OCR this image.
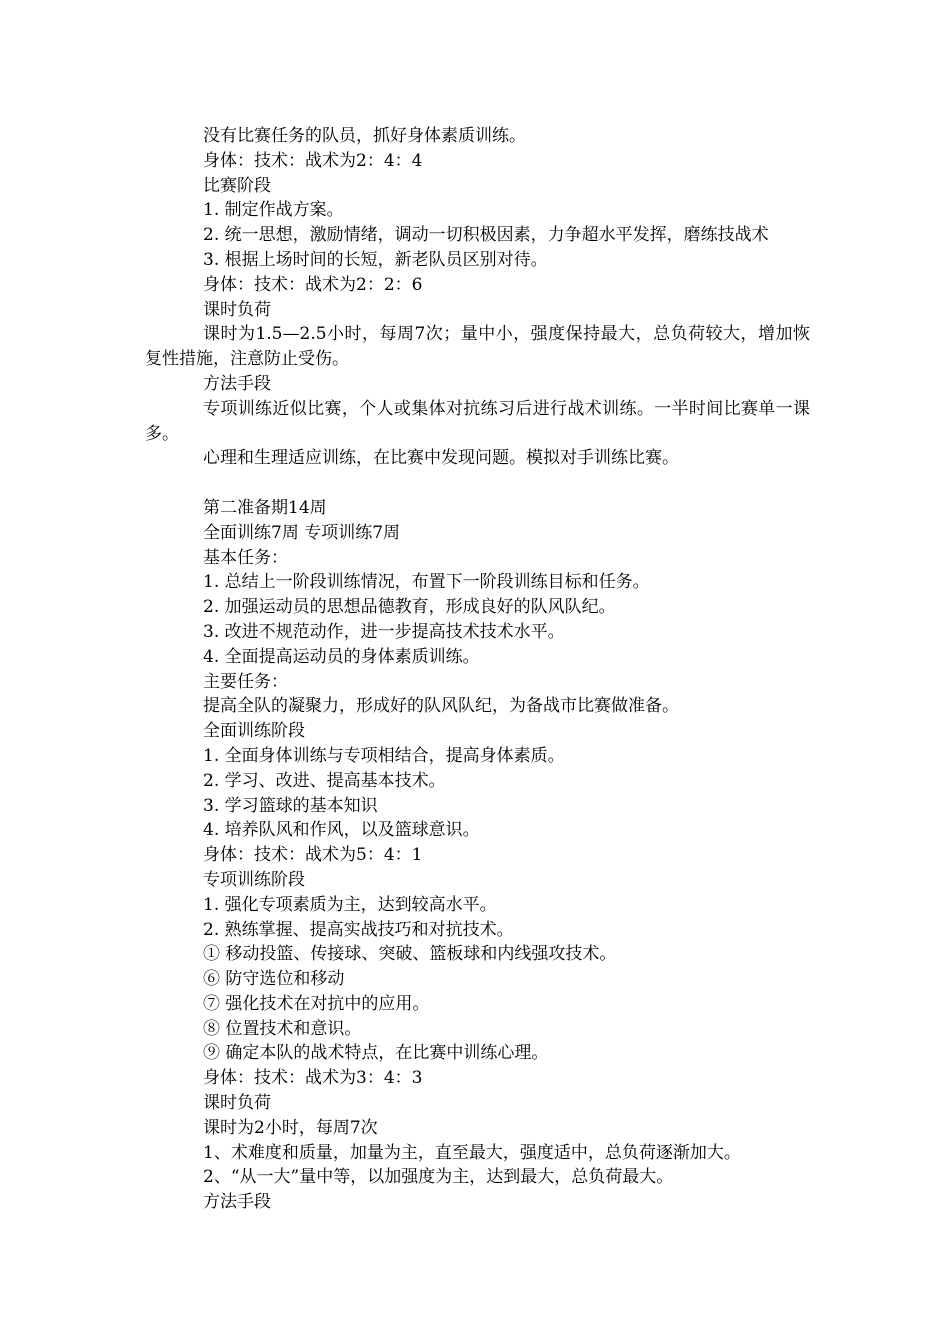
没有比赛任务的队员，抓好身体素质训练。
身体：技术：战术为2：4：4
比赛阶段
1. 制定作战方案。
2. 统一思想，激励情绪，调动一切积极因素，力争超水平发挥，磨练技战术
3. 根据上场时间的长短，新老队员区别对待。
身体：技术：战术为2：2：6
课时负荷
课时为1.5—2.5小时，每周7次；量中小，强度保持最大，总负荷较大，增加恢复性措施，注意防止受伤。
方法手段
专项训练近似比赛，个人或集体对抗练习后进行战术训练。一半时间比赛单一课多。
心理和生理适应训练，在比赛中发现问题。模拟对手训练比赛。
第二准备期14周
全面训练7周 专项训练7周
基本任务：
1. 总结上一阶段训练情况，布置下一阶段训练目标和任务。
2. 加强运动员的思想品德教育，形成良好的队风队纪。
3. 改进不规范动作，进一步提高技术技术水平。
4. 全面提高运动员的身体素质训练。
主要任务：
提高全队的凝聚力，形成好的队风队纪，为备战市比赛做准备。
全面训练阶段
1. 全面身体训练与专项相结合，提高身体素质。
2. 学习、改进、提高基本技术。
3. 学习篮球的基本知识
4. 培养队风和作风，以及篮球意识。
身体：技术：战术为5：4：1
专项训练阶段
1. 强化专项素质为主，达到较高水平。
2. 熟练掌握、提高实战技巧和对抗技术。
① 移动投篮、传接球、突破、篮板球和内线强攻技术。
⑥ 防守选位和移动
⑦ 强化技术在对抗中的应用。
⑧ 位置技术和意识。
⑨ 确定本队的战术特点，在比赛中训练心理。
身体：技术：战术为3：4：3
课时负荷
课时为2小时，每周7次
1、术难度和质量，加量为主，直至最大，强度适中，总负荷逐渐加大。
2、“从一大”量中等，以加强度为主，达到最大，总负荷最大。
方法手段
